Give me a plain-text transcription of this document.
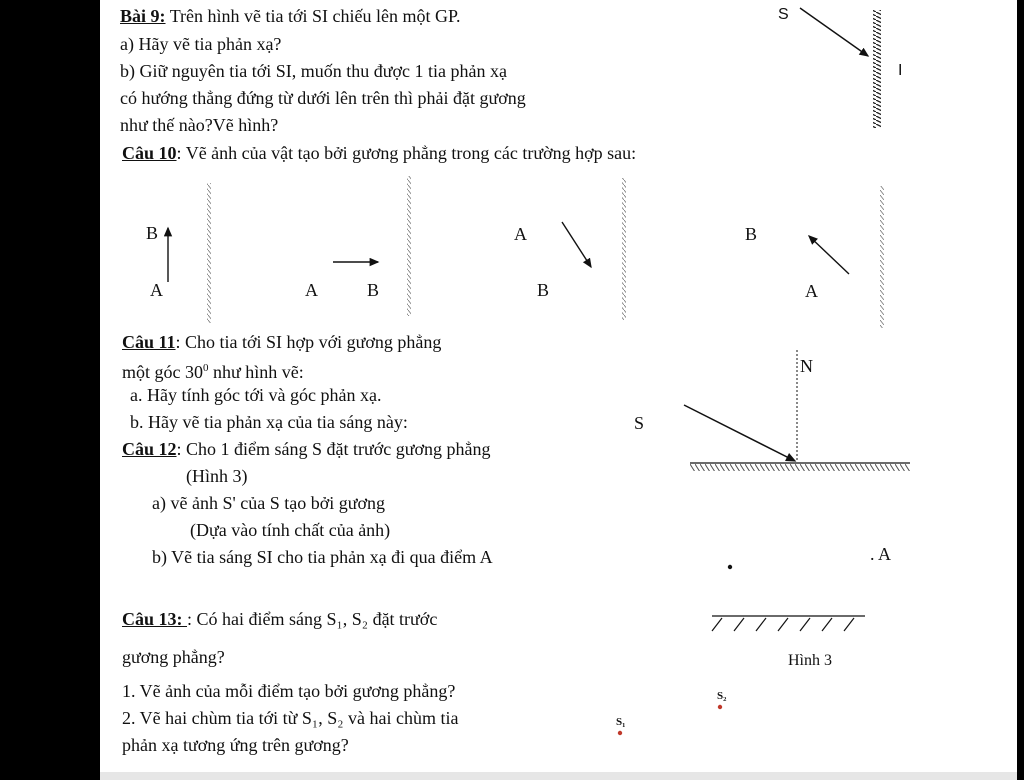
Bài 9: Trên hình vẽ tia tới SI chiếu lên một GP.
a) Hãy vẽ tia phản xạ?
b) Giữ nguyên tia tới SI, muốn thu được 1 tia phản xạ
có hướng thẳng đứng từ dưới lên trên thì phải đặt gương
như thế nào?Vẽ hình?
S
I
Câu 10: Vẽ ảnh của vật tạo bởi gương phẳng trong các trường hợp sau:
B
A	A	B
A
B
B
A
Câu 11: Cho tia tới SI hợp với gương phẳng
một góc $30^0$ như hình vẽ:
a. Hãy tính góc tới và góc phản xạ.
b. Hãy vẽ tia phản xạ của tia sáng này:
N
S
Câu 12: Cho 1 điểm sáng S đặt trước gương phẳng
(Hình 3)
a) vẽ ảnh S' của S tạo bởi gương
(Dựa vào tính chất của ảnh)
b) Vẽ tia sáng SI cho tia phản xạ đi qua điểm A	. A
Hình 3
Câu 13: : Có hai điểm sáng S₁, S₂ đặt trước
gương phẳng?
1. Vẽ ảnh của mỗi điểm tạo bởi gương phẳng?
2. Vẽ hai chùm tia tới từ S₁, S₂ và hai chùm tia
phản xạ tương ứng trên gương?
S₁
S₂
